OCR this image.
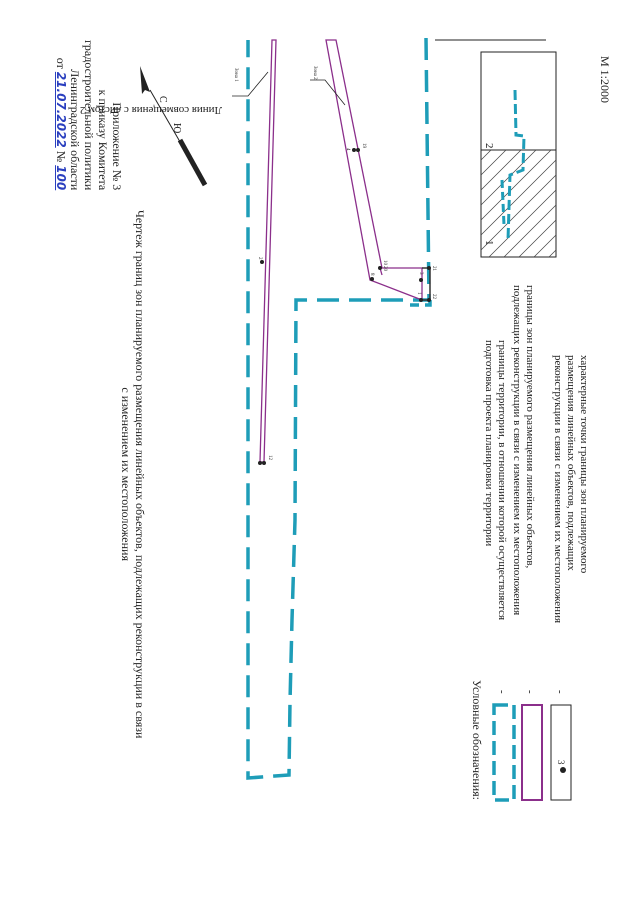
Приложение № 3
к приказу Комитета
градостроительной политики
Ленинградской области
от 21.07.2022 № 100
Чертеж границ зон планируемого размещения линейных объектов, подлежащих реконструкции в связи
с изменением их местоположения
Линия совмещения с листом 2
Зона 1	Зона 2
С
Ю
1
2
3
4
8
10
12
19
20	21
22
1
2
Условные обозначения: -
границы территории, в отношении которой осуществляется
подготовка проекта планировки территории
-
границы зон планируемого размещения линейных объектов,
подлежащих реконструкции в связи с изменением их местоположения
-
характерные точки границы зон планируемого
размещения линейных объектов, подлежащих
реконструкции в связи с изменением их местоположения
3
М 1:2000
